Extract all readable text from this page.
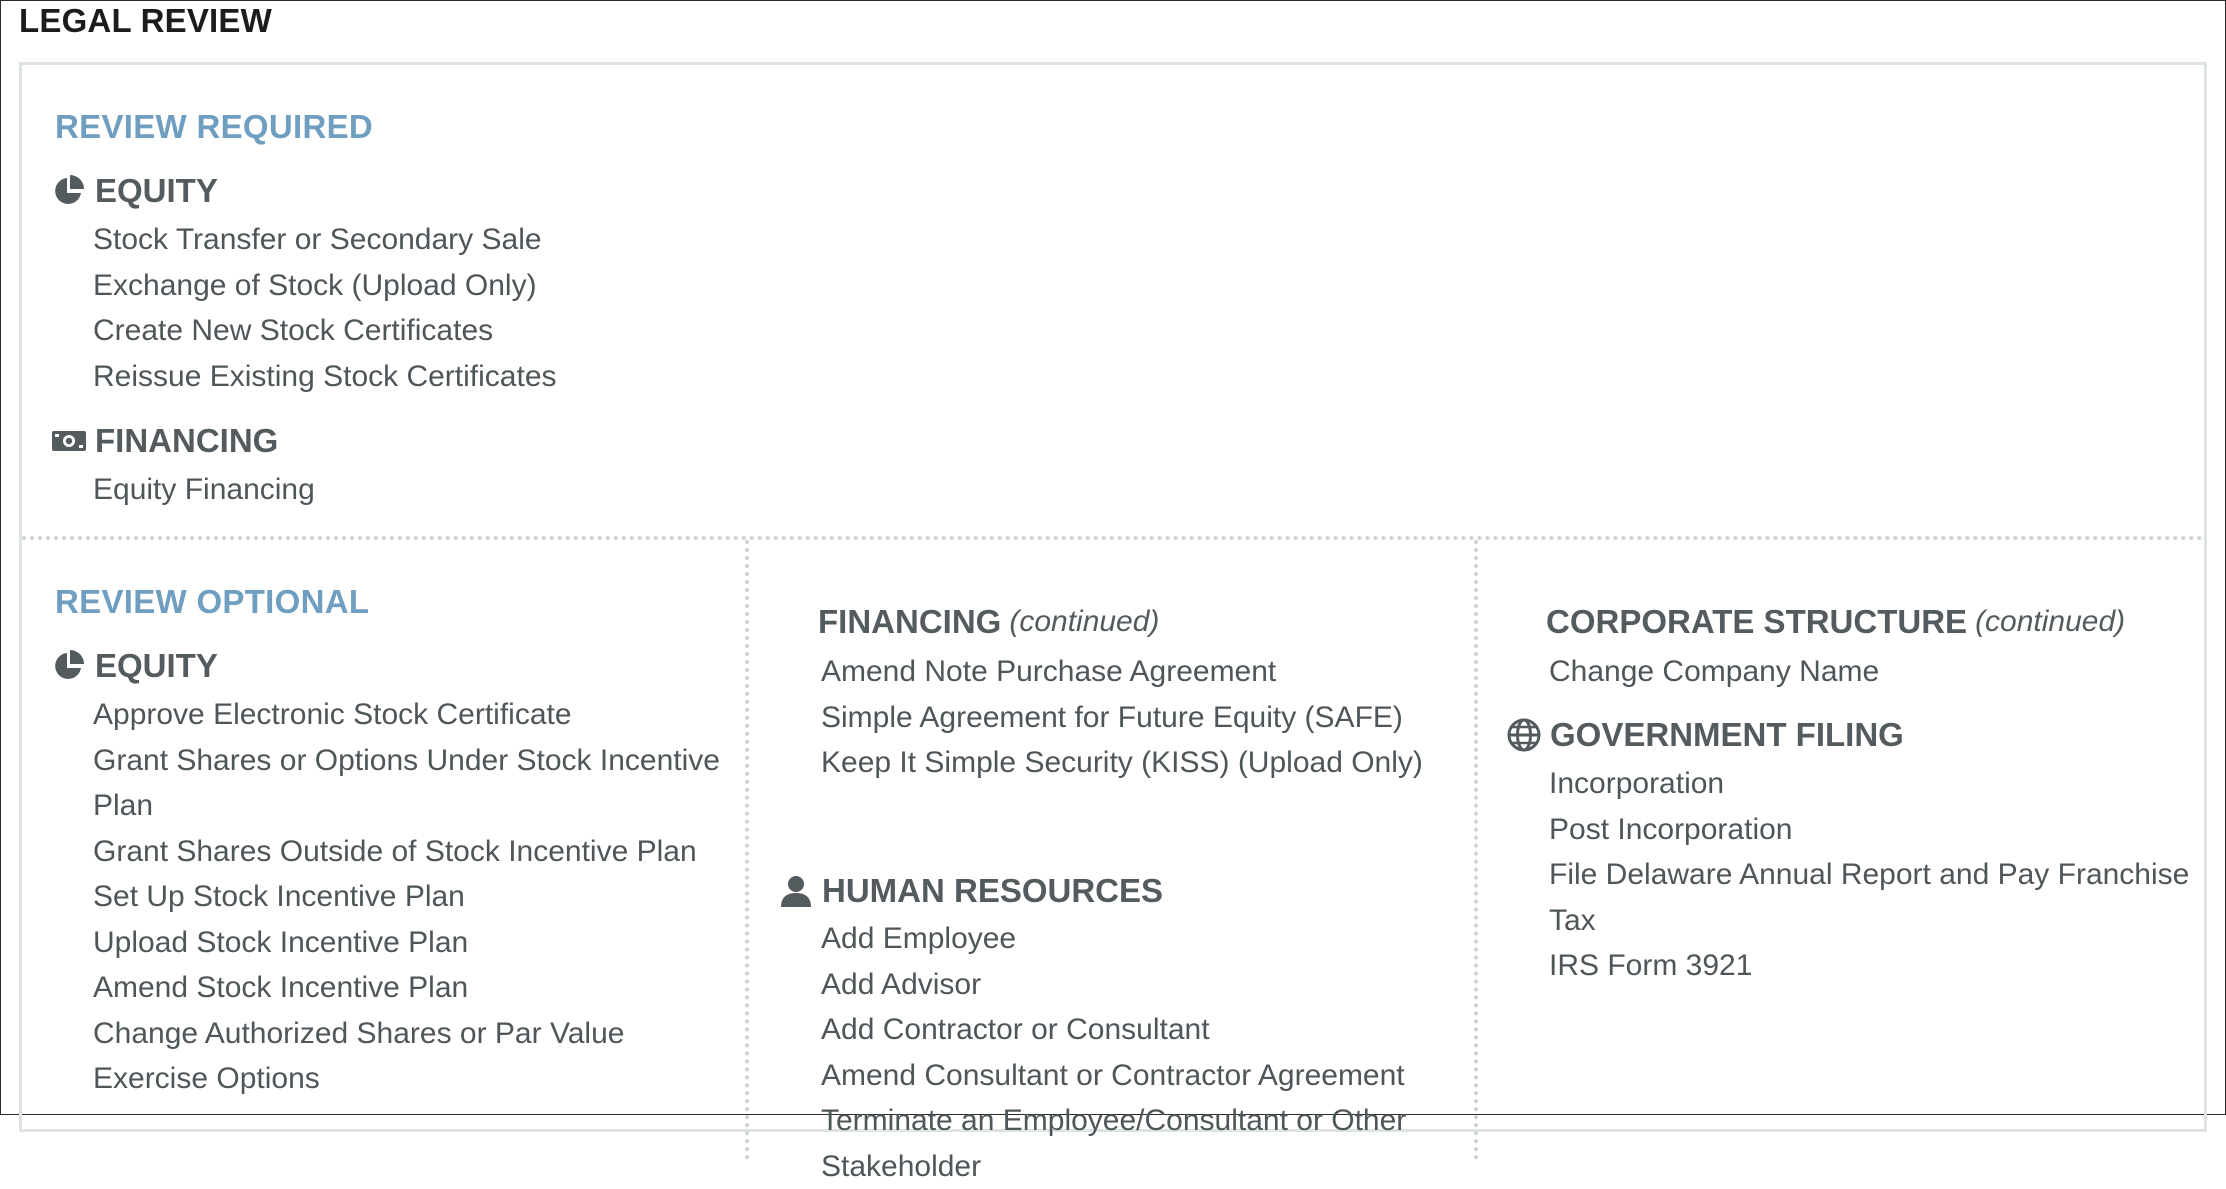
LEGAL REVIEW
REVIEW REQUIRED
EQUITY
Stock Transfer or Secondary Sale
Exchange of Stock (Upload Only)
Create New Stock Certificates
Reissue Existing Stock Certificates
FINANCING
Equity Financing
REVIEW OPTIONAL
EQUITY
Approve Electronic Stock Certificate
Grant Shares or Options Under Stock Incentive
Plan
Grant Shares Outside of Stock Incentive Plan
Set Up Stock Incentive Plan
Upload Stock Incentive Plan
Amend Stock Incentive Plan
Change Authorized Shares or Par Value
Exercise Options
FINANCING (continued)
Amend Note Purchase Agreement
Simple Agreement for Future Equity (SAFE)
Keep It Simple Security (KISS) (Upload Only)
HUMAN RESOURCES
Add Employee
Add Advisor
Add Contractor or Consultant
Amend Consultant or Contractor Agreement
Terminate an Employee/Consultant or Other
Stakeholder
CORPORATE STRUCTURE (continued)
Change Company Name
GOVERNMENT FILING
Incorporation
Post Incorporation
File Delaware Annual Report and Pay Franchise
Tax
IRS Form 3921
